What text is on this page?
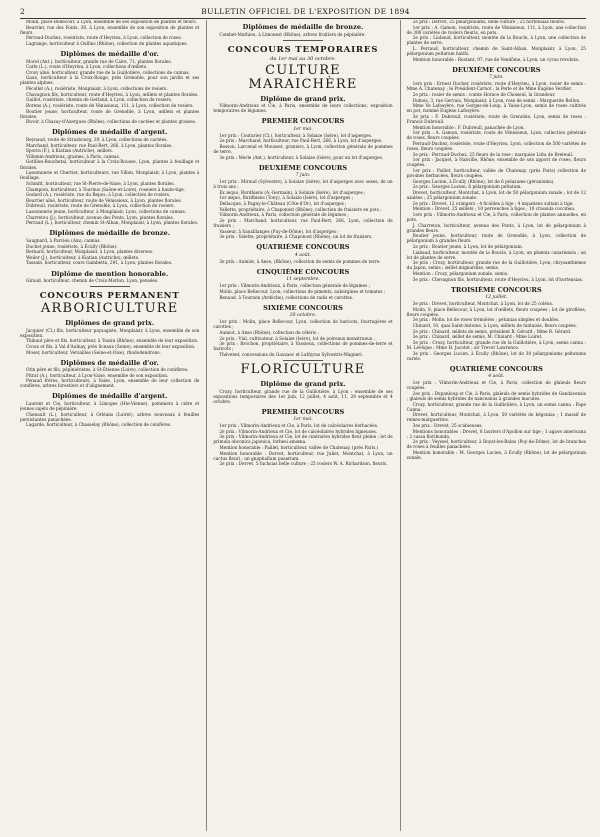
2	BULLETIN OFFICIEL DE L'EXPOSITION DE 1894

Molin, place Bellecour, à Lyon, ensemble de ses exposition de plantes et fleurs.

Beurrier, rue des Fonts, 30, à Lyon, ensemble de son exposition de plantes et fleurs.

Perraud-Duchez, roseiriste, route d'Heyrieu, à Lyon, collection de roses.

Lagrange, horticulteur à Oullins (Rhône), collection de plantes aquatiques.

Diplômes de médaille d'or.

Morel (Ant.), horticulteur, grande rue de Caire, 71, plantes florales.

Carle (L.), route d'Heyrieu, à Lyon, collections d'œillets.

Crozy aîné, horticulteur, grande rue de la Guillotière, collections de cannas.

Gaux, horticulteur à la Croix-Rouge, près Grenoble, pour son jardin et ses plantes alpines.

Pécollet (A.), rosiériste, Monplaisir, à Lyon, collections de rosiers.

Chavagnon fils, horticulteur, route d'Heyrieu, à Lyon, œillets et plantes florales.

Guillot, rosiériste, chemin de Gerland, à Lyon, collection de rosiers.

Borens (A.), rosiériste, route de Vénissieux, 111, à Lyon, collection de rosiers.

Boutier jeune, horticulteur, route de Grenoble, à Lyon, œillets et plantes florales.

Rivoir, à Chazay-d'Azergues (Rhône), collections de cactées et plantes grasses.

Diplômes de médaille d'argent.

Reynaud, route de Strasbourg, 29, à Lyon, collections de cactées.

Marchand, horticulteur, rue Paul-Bert, 266, à Lyon, plantes florales.

Sporra (F.), à Kiatian (Autriche), œillets.

Villemin-Andrieux, graines, à Paris, cannas.

Gotillon-Bouchetal, horticulteur à la Croix-Rousse, Lyon, plantes à feuillage et florales.

Lassonnerie et Chertier, horticulteurs, rue Villon, Monplaisir, à Lyon, plantes à feuillage.

Schmitt, horticulteur, rue St-Pierre-de-Vaise, à Lyon, plantes florales.

Champion, horticulteur, à Tournus (Saône-et-Loire), roseiers à haute-tige.

Godard (A.), rosiériste, rue du Repos, à Lyon, collection de rosiers.

Beurrier aîné, horticulteur, route de Vénissieux, à Lyon, plantes florales.

Dubreuil, rosiériste, route de Grenoble, à Lyon, collection de rosiers.

Lassonnerie jeune, horticulteur, à Monplaisir, Lyon, collections de cannas.

Charretou (J.), horticulteur, avenue des Ponts, Lyon, plantes florales.

Perraud (L.), horticulteur, chemin St-Alban, Monplaisir, à Lyon, plantes florales.

Diplômes de médaille de bronze.

Saugnard, à Parcieu (Ain), cannas.

Duchet jeune, rosiériste, à Écully (Rhône).

Bernard, horticulteur, Monplaisir, à Lyon, plantes diverses.

Weiler (J.), horticulteur, à Kiatian (Autriche), œillets.

Tassain, horticulteur, cours Gambetta, 291, à Lyon, plantes florales.

Diplôme de mention honorable.

Giraud, horticulteur, chemin de Croix-Morlon, Lyon, pensées.

CONCOURS PERMANENT
ARBORICULTURE
Diplômes de grand prix.

Jacquier (Cl.) fils, horticulteur paysagiste, Monplaisir, à Lyon, ensemble de son exposition.

Thibaut père et fils, horticulteur, à Tassin (Rhône), ensemble de leur exposition.

Croux et fils, à Val d'Aulnay, près Sceaux (Seine), ensemble de leur exposition.

Moser, horticulteur, Versailles (Seine-et-Oise), rhododendrons.

Diplômes de médaille d'or.

Otin père et fils, pépiniéristes, à St-Étienne (Loire), collection de conifères.

Pitrat (A.), horticulteur, à Lyon-Vaise, ensemble de son exposition.

Penaud frères, horticulteurs, à Vaise, Lyon, ensemble de leur collection de conifères, arbres forestiers et d'alignement.

Diplômes de médaille d'argent.

Laurent et Cie, horticulteur, à Limoges (Hte-Vienne), pommiers à cidre et jeunes sujets de pépinière.

Chenault (L.), horticulteur, à Orléans (Loiret), arbres nouveaux à feuilles persistantes panachées.

Lagarde, horticulteur, à Chasselay (Rhône), collection de conifères.

Diplômes de médaille de bronze.

Combet-Mathieu, à Limonest (Rhône), arbres fruitiers de pépinière.

CONCOURS TEMPORAIRES
du 1er mai au 30 octobre.
CULTURE MARAICHÈRE
Diplôme de grand prix.

Vilmorin-Andrieux et Cie, à Paris, ensemble de leurs collections, exposition temporaires de légumes.

PREMIER CONCOURS
1er mai.

1er prix : Couturier (Cl.), horticulteur, à Solaize (Isère), lot d'asperges.

2e prix : Marchand, horticulteur, rue Paul-Bert, 266, à Lyon, lot d'asperges.

Besson, Larcenal et Mousset, graniers, à Lyon, collection générale de pommes de terre.

3e prix : Merle (Ant.), horticulteur, à Solaize (Isère), pour un lot d'asperges.

DEUXIÈME CONCOURS
7 juin.

1er prix : Miraud (Sylvestre), à Solaize (Isère), lot d'asperges avec sexes, de un à trois ans ;

Ex æquo, Burdhiens (A.-Germain), à Solaize (Isère), lot d'asperges ;

1er æquo, Burdhiens (Tony), à Solaize (Isère), lot d'asperges ;

Dellacque, à Pagny-le-Château (Côte-d'Or), lot d'asperges ;

Vallette, propriétaire, à Chaponost (Rhône), collection de fraisiers en pots ;

Vilmorin-Andrieux, à Paris, collection générale de légumes ;

2e prix : Marchand, horticulteur, rue Paul-Bert, 266, Lyon, collection de fraisiers ;

Vasseur, à Sauxillanges (Puy-de-Dôme), lot d'asperges ;

3e prix : Valette, propriétaire, à Chaponost (Rhône), un lot de fraisiers.

QUATRIÈME CONCOURS
4 août.

3e prix : Aumiot, à Anse, (Rhône), collection de semis de pommes de terre.

CINQUIÈME CONCOURS
11 septembre.

1er prix : Vilmorin-Andrieux, à Paris, collection générale de légumes ;

Molin, place Bellecour, Lyon, collections de piments, aubergines et tomates ;

Renaud, à Tournon (Ardèche), collections de radis et carottes.

SIXIÈME CONCOURS
20 octobre.

1er prix : Molin, place Bellecour, Lyon, collection de haricots, fourragères et carottes ;

Aumiot, à Anse (Rhône), collection de céleris ;

2e prix : Vial, cultivateur, à Solaize (Isère), lot de poireaux monstrueux ;

3e prix : Brochon, propriétaire, à Vassieux, collections de pommes-de-terre et haricots ;

Thévenet, concessions du Gauzaec et Lathyras Sylvestris-Wagneri.

FLORICULTURE
Diplôme de grand prix.

Crozy, horticulteur, grande rue de la Guillotière, à Lyon : ensemble de ses expositions temporaires des 1er juin, 12 juillet, 4 août, 11, 29 septembre et 4 octobre.

PREMIER CONCOURS
1er mai.

1er prix : Vilmorin-Andrieux et Cie, à Paris, lot de calcéolaires herbacées.

2e prix : Vilmorin-Andrieux et Cie, lot de calcéolaires hybrides ligneuses.

3e prix : Vilmorin-Andrieux et Cie, lot de cinéraires hybrides fleur pleine ; lot de primula obconica japonica, forbesi amœna.

Mention honorable : Paillet, horticulteur, vallée de Chatenay, (près Paris.)

Mention honorable : Dervet, horticulteur, rue Juliet, Montchat, à Lyon, un cactus fleuri ; un gnaphallum pusarium.

2e prix : Dervet, 5 fuchsias belle culture ; 25 rosiers W. A. Richardson, fleuris.

2e prix : Dervet, 25 pélargoniums, belle culture ; 25 hortensias fleuris.

1er prix : A. Gamon, rosiériste, route de Vénissieux, 111, à Lyon, une collection de 300 variétés de rosiers fleuris, en pots.

2e prix : Liabaud, horticulteur, montée de la Boucle, à Lyon, une collection de plantes de serre.

L. Perraud, horticulteur, chemin de Saint-Alban, Monplaisir, à Lyon, 25 pélargonium peltatum hatifs.

Mention honorable : Rostant, 97, rue de Vendôme, à Lyon, un cycas revoluta.

DEUXIÈME CONCOURS
7 juin.

1ers prix : Ernest Ducher, rosiériste, route d'Heyrieu, à Lyon, rosier de semis : Mme A. Chatenay ; le Président-Carnot ; la Perle et de Mme Eugène Verdier.

2e prix : rosier de semis : comte Horace de Choiseul, la Grandeur.

Dubois, 3, rue Gervais, Monplaisir, à Lyon, rose de semis : Marguerite Bollon.

Mme Ve Lafosyère, rue Gorges-de-Loup, à Vaise-Lyon, semis de roses cultivés en pot, nommé Eugène Lafosyère.

3e prix : F. Dubreuil, rosiériste, route de Grenoble, Lyon, semis de roses : Francis Dubreuil.

Mention honorable : F. Dubreuil, panachée de Lyon.

1er prix : A. Gamon, rosiériste, route de Vénissieux, Lyon, collection générale de roses, fleurs coupées.

Perraud-Duchez, rosiériste, route d'Heyrieu, Lyon, collection de 500 variétés de roses, fleurs coupées.

3e prix : Perraud-Duchez, 25 fleurs de la rose : marquise Litta de Breteuil.

1er prix : Jacquet, à Nanville, Rhône, ensemble de son apport de roses, fleurs coupées.

1er prix : Paillet, horticulteur, vallée de Chatenay, (près Paris) collection de pivoines herbacées, fleurs coupées.

Georges Lucien, à Écully (Rhône), lot de 6 pelazume (géraniums).

2e prix : Georges Lucien, 6 pélargonium peltatum.

Drevet, horticulteur, Montchat, à Lyon, lot de 50 pélargonium zonale ; lot de 12 azalées ; 25 pélargonium zonale.

2e prix : Drevet, 12 orangers ; 4 ficoïdes à tige ; 4 impatiens sultani à tige.

Mention : Drevet, 25 œillets ; 10 pervenches à tiges ; 10 crassula coccinea.

1ers prix : Vilmorin-Andrieux et Cie, à Paris, collection de plantes annuelles, en pots.

J. Charreton, horticulteur, avenue des Ponts, à Lyon, lot de pélargonium à grandes fleurs.

Boutier jeune, horticulteur, route de Grenoble, à Lyon, collection de pélargonium à grandes fleurs.

2e prix : Boutier jeune, à Lyon, lot de pélargonium.

Liabaud, horticulteur, montée de la Boucle, à Lyon, un phœnix canariensis ; un lot de plantes de serre.

3e prix : Crozy, horticulteur, grande rue de la Guillotière, Lyon, chrysanthèmes du Japon, semis ; œillet mignardise, semis.

Mention : Crozy, pélargonium zonale, semis.

3e prix : Chevagnon fils, horticulteur, route d'Heyrieu, à Lyon, lot d'hortensias.

TROISIÈME CONCOURS
12 juillet.

3e prix : Drevet, horticulteur, Montchat, à Lyon, lot de 25 coléus.

Molin, 8, place Bellecour, à Lyon, lot d'œillets, fleurs coupées ; lot de giroflées, fleurs coupées.

3e prix : Molin, lot de roses trémières ; pétunias simples et doubles.

Chinard, 10, quai Saint-Antoine, à Lyon, œillets de fantaisie, fleurs coupées.

2e prix : Chinard, œillets de semis, président R. Gérard ; Mme R. Gérard.

3e prix : Chinard, œillet de semis, M. Chinard ; Mme Loiret.

3e prix : Crozy, horticulteur, grande rue de la Guillotière, à Lyon, semis canna : M. Lévêque ; Mme H. Jacotot ; sir Trevor Lawrence.

3e prix : Georges Lucien, à Écully (Rhône), lot de 30 pélargoniums peltatums variés.

QUATRIÈME CONCOURS
4 août.

1er prix : Vilmorin-Andrieux et Cie, à Paris, collection de glaïeuls fleurs coupées.

2es prix : Dupanloup et Cie, à Paris, glaïeuls de semis hybrides de Gandavensis ; glaïeuls de semis hybrides de nanceanus à grandes macules.

Crozy, horticulteur, grande rue de la Guillotière, à Lyon, un semis canna : Pape Canna.

Drevet, horticulteur, Montchat, à Lyon, 50 variétés de bégonias ; 1 massif de reines-marguerites.

3es prix : Drevet, 25 scabieuses.

Mentions honorables : Drevet, 8 lauriers d'Apollon sur tige ; 1 agave americana ; 2 cassa floribunda.

2e prix : Veyssel, horticulteur, à Royat-les-Bains (Puy-de-Dôme), lot de branches de roses à feuilles panachées.

Mention honorable : M. Georges Lucien, à Écully (Rhône), lot de pélargonium zonale.
